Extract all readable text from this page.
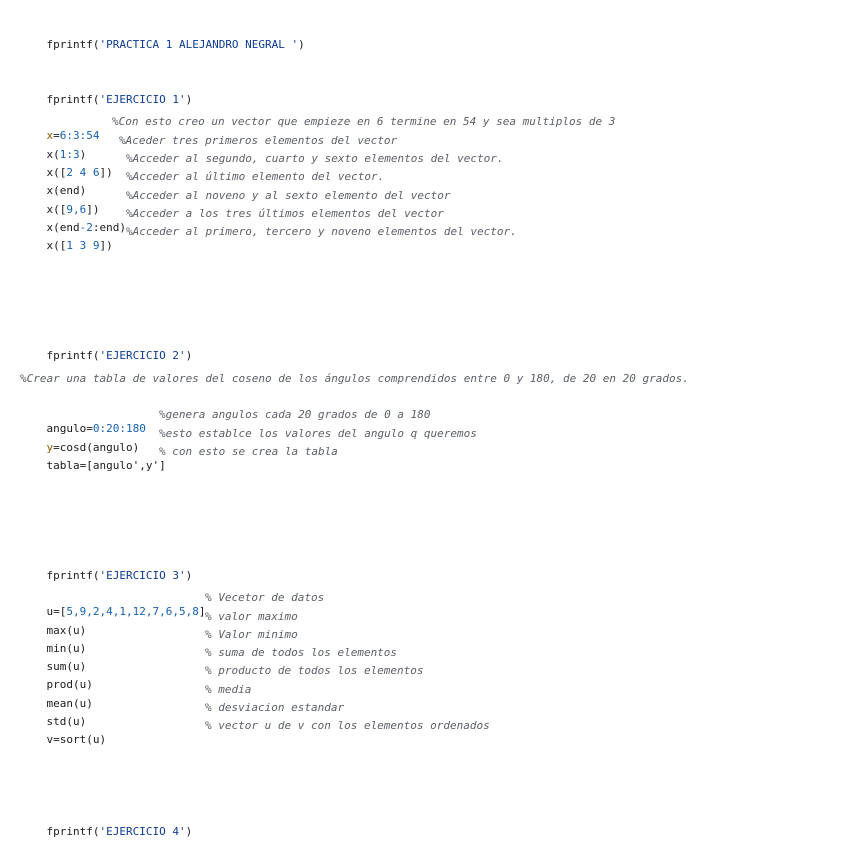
fprintf('PRACTICA 1 ALEJANDRO NEGRAL ')

fprintf('EJERCICIO 1')

x=6:3:54
%Con esto creo un vector que empieze en 6 termine en 54 y sea multiplos de 3

x(1:3)
%Aceder tres primeros elementos del vector

x([2 4 6])
%Acceder al segundo, cuarto y sexto elementos del vector.

x(end)
%Acceder al último elemento del vector.

x([9,6])
%Acceder al noveno y al sexto elemento del vector

x(end-2:end)
%Acceder a los tres últimos elementos del vector

x([1 3 9])
%Acceder al primero, tercero y noveno elementos del vector.

fprintf('EJERCICIO 2')

%Crear una tabla de valores del coseno de los ángulos comprendidos entre 0 y 180, de 20 en 20 grados.

angulo=0:20:180
%genera angulos cada 20 grados de 0 a 180

y=cosd(angulo)
%esto establce los valores del angulo q queremos

tabla=[angulo',y']
% con esto se crea la tabla

fprintf('EJERCICIO 3')

u=[5,9,2,4,1,12,7,6,5,8]
% Vecetor de datos

max(u)
% valor maximo

min(u)
% Valor minimo

sum(u)
% suma de todos los elementos

prod(u)
% producto de todos los elementos

mean(u)
% media

std(u)
% desviacion estandar

v=sort(u)
% vector u de v con los elementos ordenados

fprintf('EJERCICIO 4')
